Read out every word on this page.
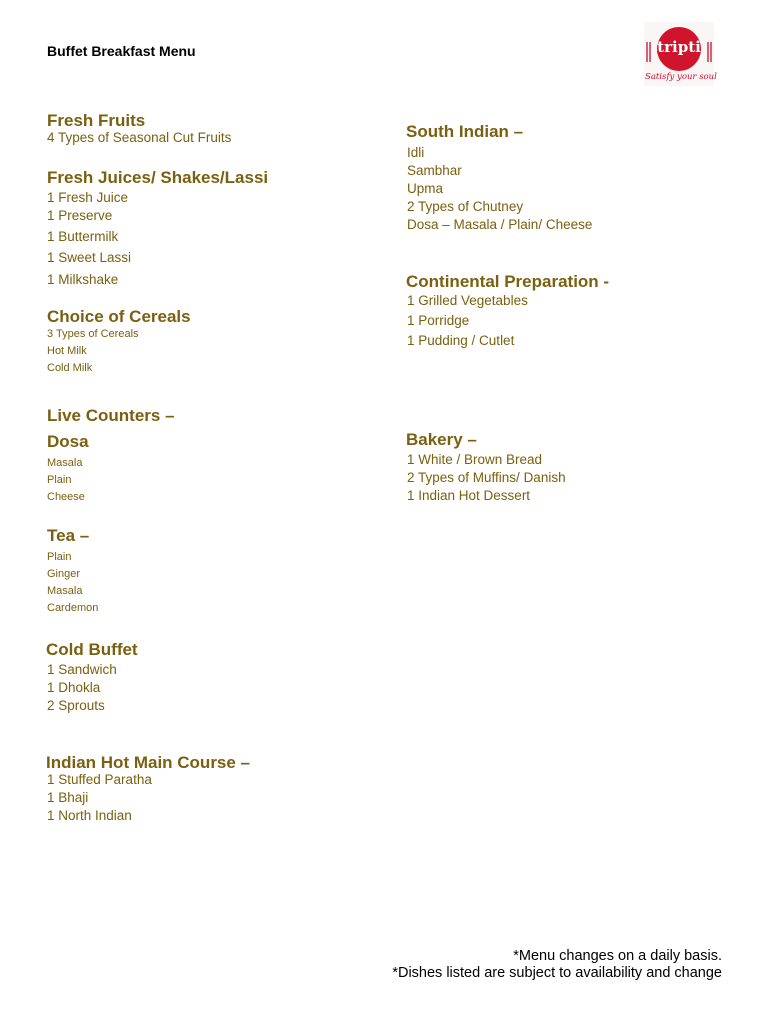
Buffet Breakfast Menu	tripti
Satisfy your soul
Fresh Fruits
4 Types of Seasonal Cut Fruits
Fresh Juices/ Shakes/Lassi
1 Fresh Juice
1 Preserve
1 Buttermilk
1 Sweet Lassi
1 Milkshake
Choice of Cereals
3 Types of Cereals
Hot Milk
Cold Milk
Live Counters –
Dosa
Masala
Plain
Cheese
Tea –
Plain
Ginger
Masala
Cardemon
Cold Buffet
1 Sandwich
1 Dhokla
2 Sprouts
Indian Hot Main Course –
1 Stuffed Paratha
1 Bhaji
1 North Indian
South Indian –
Idli
Sambhar
Upma
2 Types of Chutney
Dosa – Masala / Plain/ Cheese
Continental Preparation -
1 Grilled Vegetables
1 Porridge
1 Pudding / Cutlet
Bakery –
1 White / Brown Bread
2 Types of Muffins/ Danish
1 Indian Hot Dessert
*Menu changes on a daily basis.
*Dishes listed are subject to availability and change
